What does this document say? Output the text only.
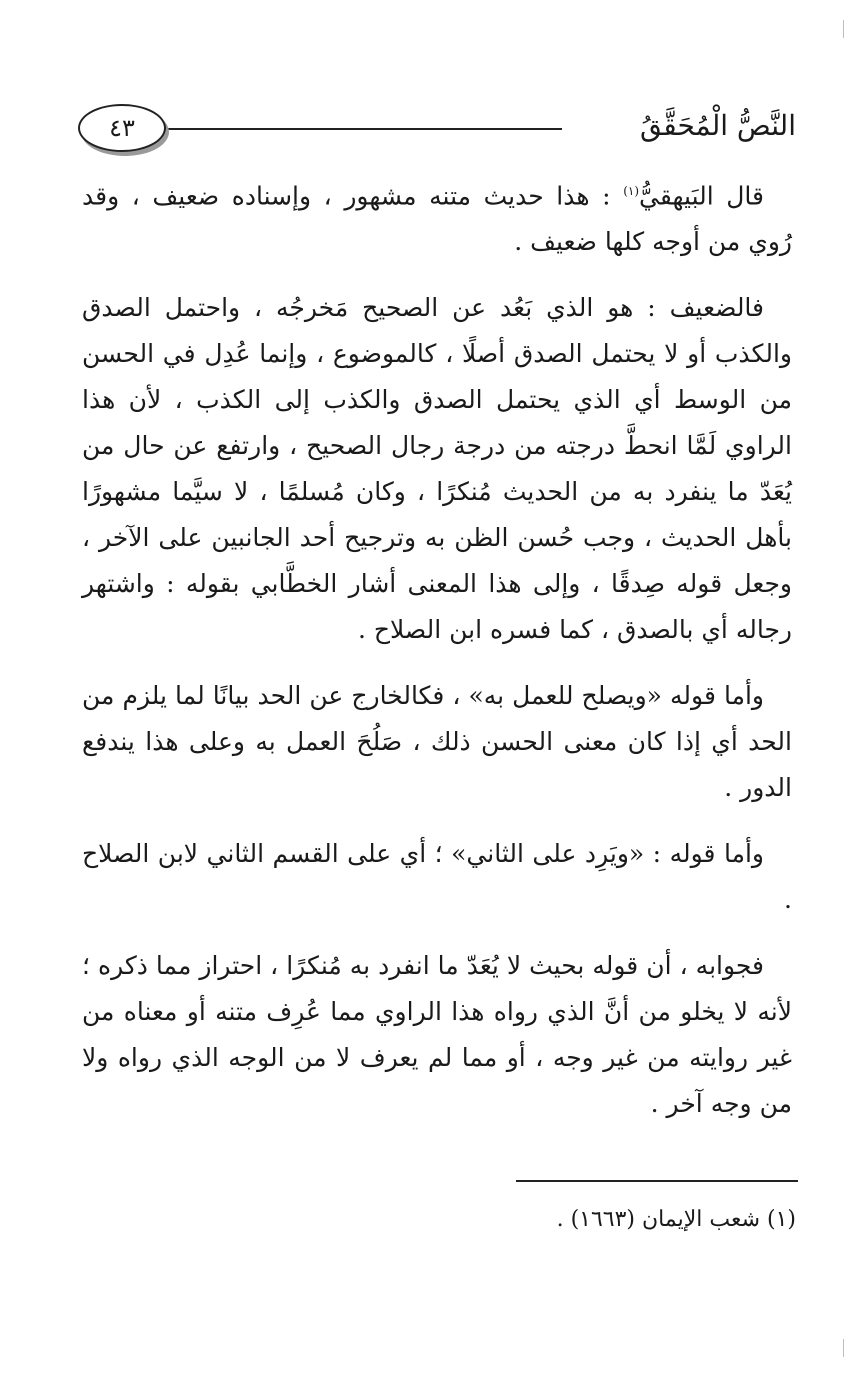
النَّصُّ الْمُحَقَّقُ
٤٣

قال البَيهقيُّ$^{(١)}$ : هذا حديث متنه مشهور ، وإسناده ضعيف ، وقد رُوي من أوجه كلها ضعيف .

فالضعيف : هو الذي بَعُد عن الصحيح مَخرجُه ، واحتمل الصدق والكذب أو لا يحتمل الصدق أصلًا ، كالموضوع ، وإنما عُدِل في الحسن من الوسط أي الذي يحتمل الصدق والكذب إلى الكذب ، لأن هذا الراوي لَمَّا انحطَّ درجته من درجة رجال الصحيح ، وارتفع عن حال من يُعَدّ ما ينفرد به من الحديث مُنكرًا ، وكان مُسلمًا ، لا سيَّما مشهورًا بأهل الحديث ، وجب حُسن الظن به وترجيح أحد الجانبين على الآخر ، وجعل قوله صِدقًا ، وإلى هذا المعنى أشار الخطَّابي بقوله : واشتهر رجاله أي بالصدق ، كما فسره ابن الصلاح .

وأما قوله «ويصلح للعمل به» ، فكالخارج عن الحد بيانًا لما يلزم من الحد أي إذا كان معنى الحسن ذلك ، صَلُحَ العمل به وعلى هذا يندفع الدور .

وأما قوله : «ويَرِد على الثاني» ؛ أي على القسم الثاني لابن الصلاح .

فجوابه ، أن قوله بحيث لا يُعَدّ ما انفرد به مُنكرًا ، احتراز مما ذكره ؛ لأنه لا يخلو من أنَّ الذي رواه هذا الراوي مما عُرِف متنه أو معناه من غير روايته من غير وجه ، أو مما لم يعرف لا من الوجه الذي رواه ولا من وجه آخر .

(١) شعب الإيمان (١٦٦٣) .
